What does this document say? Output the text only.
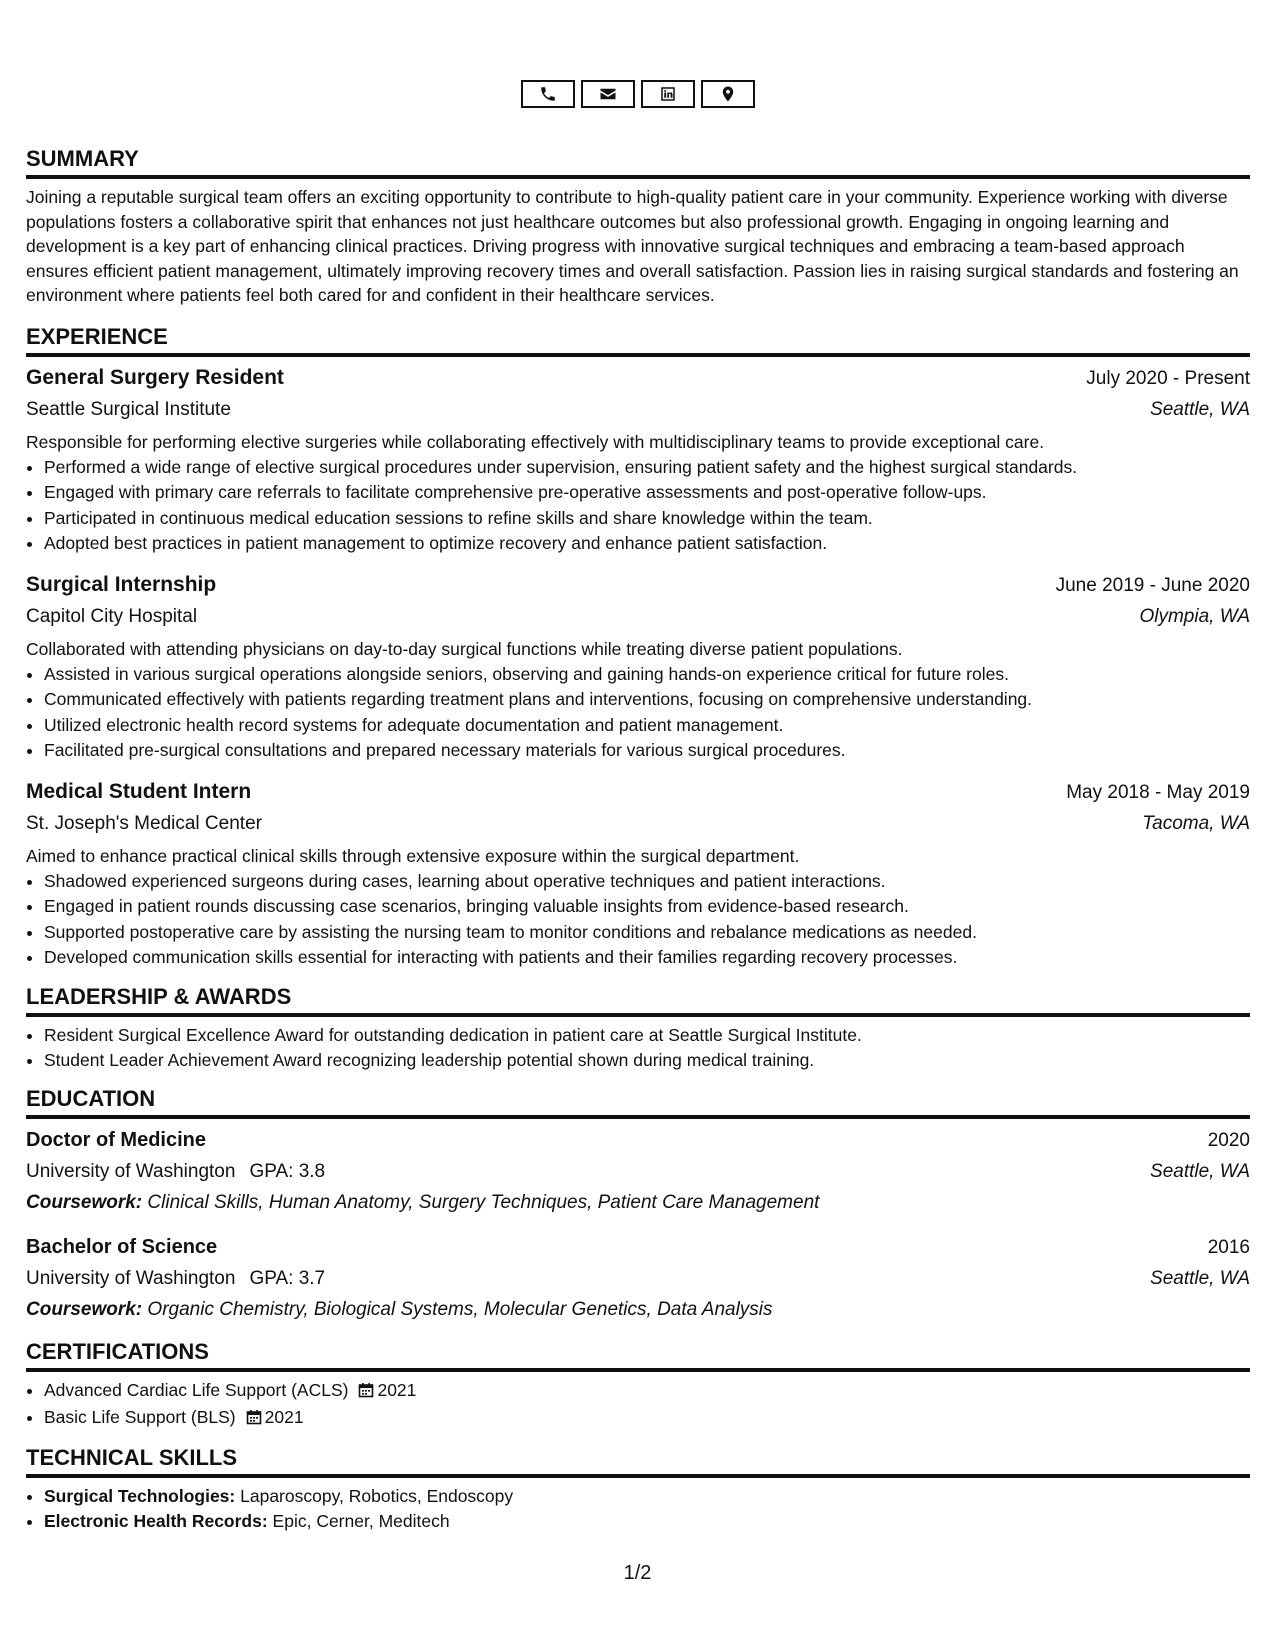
SUMMARY

Joining a reputable surgical team offers an exciting opportunity to contribute to high-quality patient care in your community. Experience working with diverse populations fosters a collaborative spirit that enhances not just healthcare outcomes but also professional growth. Engaging in ongoing learning and development is a key part of enhancing clinical practices. Driving progress with innovative surgical techniques and embracing a team-based approach ensures efficient patient management, ultimately improving recovery times and overall satisfaction. Passion lies in raising surgical standards and fostering an environment where patients feel both cared for and confident in their healthcare services.

EXPERIENCE
General Surgery Resident	July 2020 - Present
Seattle Surgical Institute	Seattle, WA
Responsible for performing elective surgeries while collaborating effectively with multidisciplinary teams to provide exceptional care.
• Performed a wide range of elective surgical procedures under supervision, ensuring patient safety and the highest surgical standards.
• Engaged with primary care referrals to facilitate comprehensive pre-operative assessments and post-operative follow-ups.
• Participated in continuous medical education sessions to refine skills and share knowledge within the team.
• Adopted best practices in patient management to optimize recovery and enhance patient satisfaction.
Surgical Internship	June 2019 - June 2020
Capitol City Hospital	Olympia, WA
Collaborated with attending physicians on day-to-day surgical functions while treating diverse patient populations.
• Assisted in various surgical operations alongside seniors, observing and gaining hands-on experience critical for future roles.
• Communicated effectively with patients regarding treatment plans and interventions, focusing on comprehensive understanding.
• Utilized electronic health record systems for adequate documentation and patient management.
• Facilitated pre-surgical consultations and prepared necessary materials for various surgical procedures.
Medical Student Intern	May 2018 - May 2019
St. Joseph's Medical Center	Tacoma, WA
Aimed to enhance practical clinical skills through extensive exposure within the surgical department.
• Shadowed experienced surgeons during cases, learning about operative techniques and patient interactions.
• Engaged in patient rounds discussing case scenarios, bringing valuable insights from evidence-based research.
• Supported postoperative care by assisting the nursing team to monitor conditions and rebalance medications as needed.
• Developed communication skills essential for interacting with patients and their families regarding recovery processes.
LEADERSHIP & AWARDS
• Resident Surgical Excellence Award for outstanding dedication in patient care at Seattle Surgical Institute.
• Student Leader Achievement Award recognizing leadership potential shown during medical training.
EDUCATION
Doctor of Medicine	2020
University of Washington GPA: 3.8	Seattle, WA
Coursework: Clinical Skills, Human Anatomy, Surgery Techniques, Patient Care Management
Bachelor of Science	2016
University of Washington GPA: 3.7	Seattle, WA
Coursework: Organic Chemistry, Biological Systems, Molecular Genetics, Data Analysis
CERTIFICATIONS
• Advanced Cardiac Life Support (ACLS) 2021
• Basic Life Support (BLS) 2021
TECHNICAL SKILLS
• Surgical Technologies: Laparoscopy, Robotics, Endoscopy
• Electronic Health Records: Epic, Cerner, Meditech
1/2
